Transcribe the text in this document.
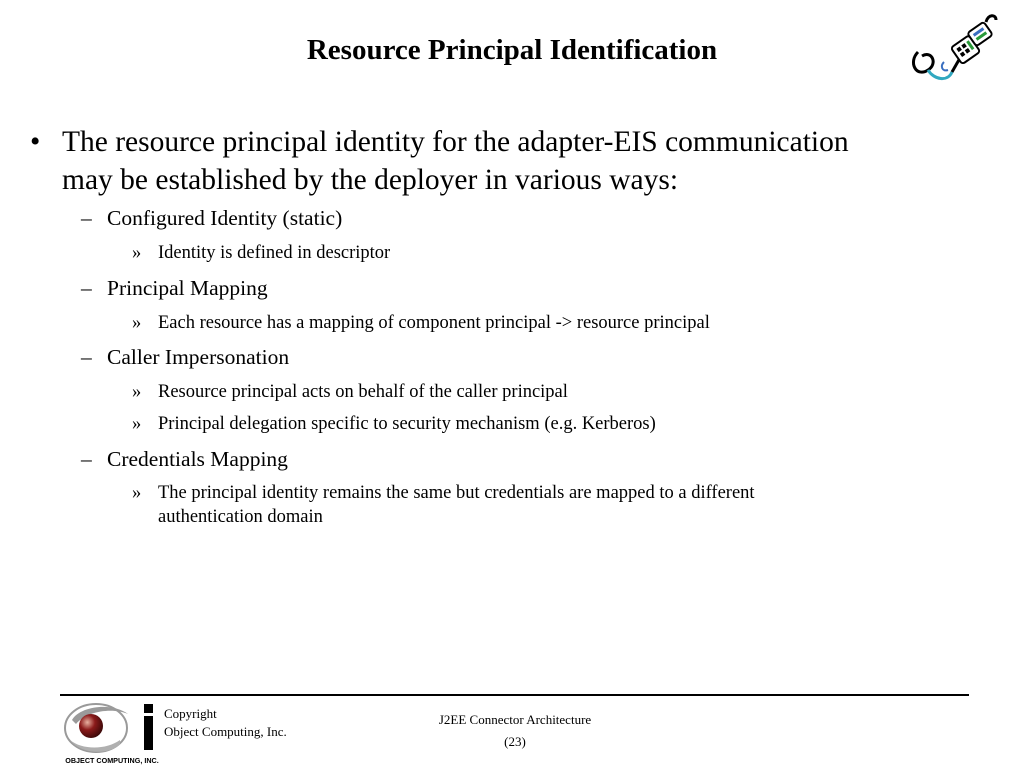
Resource Principal Identification
• The resource principal identity for the adapter-EIS communication
may be established by the deployer in various ways:
– Configured Identity (static)
» Identity is defined in descriptor
– Principal Mapping
» Each resource has a mapping of component principal -> resource principal
– Caller Impersonation
» Resource principal acts on behalf of the caller principal
» Principal delegation specific to security mechanism (e.g. Kerberos)
– Credentials Mapping
» The principal identity remains the same but credentials are mapped to a different
authentication domain
OBJECT COMPUTING, INC.
Copyright
Object Computing, Inc.
J2EE Connector Architecture
(23)
